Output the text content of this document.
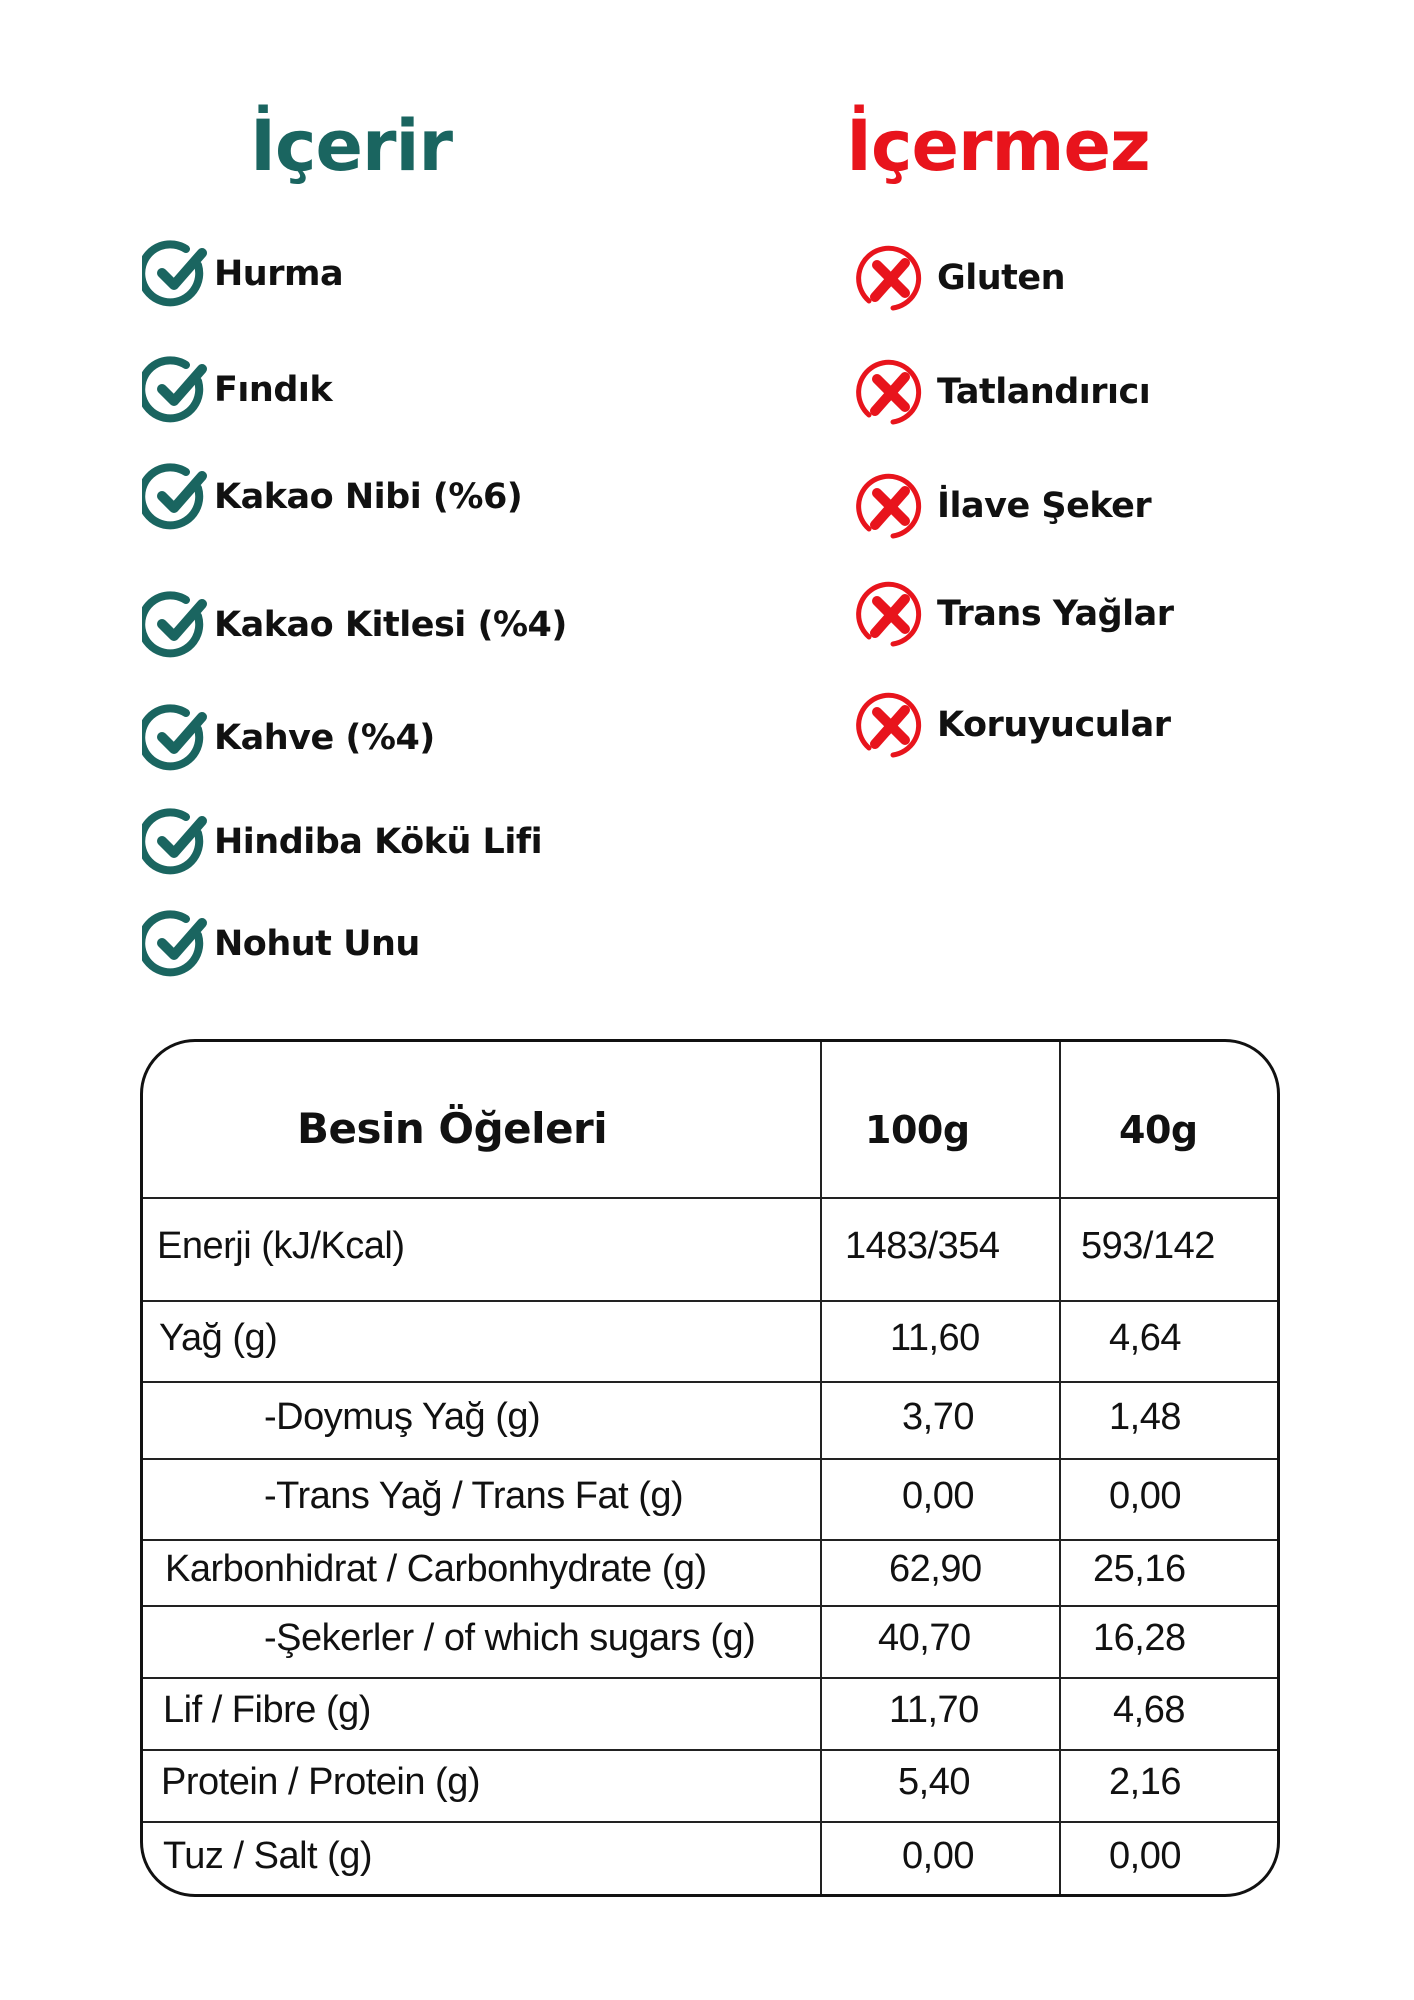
İçerir	İçermez
Hurma
Fındık
Kakao Nibi (%6)
Kakao Kitlesi (%4)
Kahve (%4)
Hindiba Kökü Lifi
Nohut Unu
Gluten
Tatlandırıcı
İlave Şeker
Trans Yağlar
Koruyucular
Besin Öğeleri	100g	40g
Enerji (kJ/Kcal)	1483/354 593/142
Yağ (g)	11,60	4,64
-Doymuş Yağ (g)	3,70	1,48
-Trans Yağ / Trans Fat (g)	0,00	0,00
Karbonhidrat / Carbonhydrate (g)	62,90	25,16
-Şekerler / of which sugars (g)	40,70	16,28
Lif / Fibre (g)	11,70	4,68
Protein / Protein (g)	5,40	2,16
Tuz / Salt (g)	0,00	0,00
